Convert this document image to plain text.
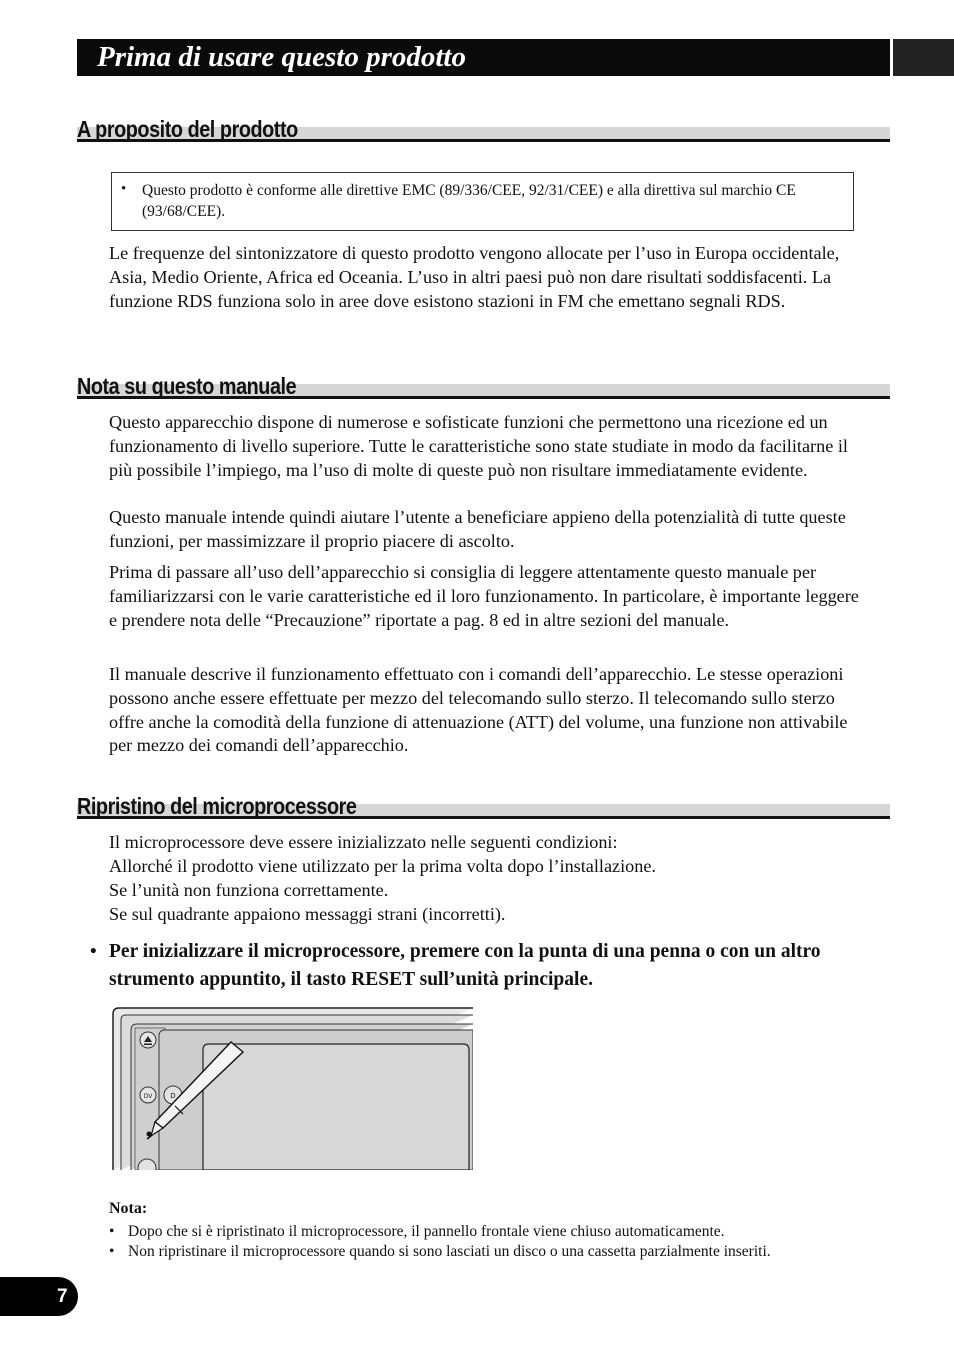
Prima di usare questo prodotto
A proposito del prodotto
• Questo prodotto è conforme alle direttive EMC (89/336/CEE, 92/31/CEE) e alla direttiva sul marchio CE (93/68/CEE).

Le frequenze del sintonizzatore di questo prodotto vengono allocate per l’uso in Europa occidentale, Asia, Medio Oriente, Africa ed Oceania. L’uso in altri paesi può non dare risultati soddisfacenti. La funzione RDS funziona solo in aree dove esistono stazioni in FM che emettano segnali RDS.

Nota su questo manuale

Questo apparecchio dispone di numerose e sofisticate funzioni che permettono una ricezione ed un funzionamento di livello superiore. Tutte le caratteristiche sono state studiate in modo da facilitarne il più possibile l’impiego, ma l’uso di molte di queste può non risultare immediatamente evidente.

Questo manuale intende quindi aiutare l’utente a beneficiare appieno della potenzialità di tutte queste funzioni, per massimizzare il proprio piacere di ascolto.

Prima di passare all’uso dell’apparecchio si consiglia di leggere attentamente questo manuale per familiarizzarsi con le varie caratteristiche ed il loro funzionamento. In particolare, è importante leggere e prendere nota delle “Precauzione” riportate a pag. 8 ed in altre sezioni del manuale.

Il manuale descrive il funzionamento effettuato con i comandi dell’apparecchio. Le stesse operazioni possono anche essere effettuate per mezzo del telecomando sullo sterzo. Il telecomando sullo sterzo offre anche la comodità della funzione di attenuazione (ATT) del volume, una funzione non attivabile per mezzo dei comandi dell’apparecchio.

Ripristino del microprocessore

Il microprocessore deve essere inizializzato nelle seguenti condizioni:

Allorché il prodotto viene utilizzato per la prima volta dopo l’installazione.

Se l’unità non funziona correttamente.

Se sul quadrante appaiono messaggi strani (incorretti).

• Per inizializzare il microprocessore, premere con la punta di una penna o con un altro strumento appuntito, il tasto RESET sull’unità principale.
DV	D
Nota:
• Dopo che si è ripristinato il microprocessore, il pannello frontale viene chiuso automaticamente.
• Non ripristinare il microprocessore quando si sono lasciati un disco o una cassetta parzialmente inseriti.
7
